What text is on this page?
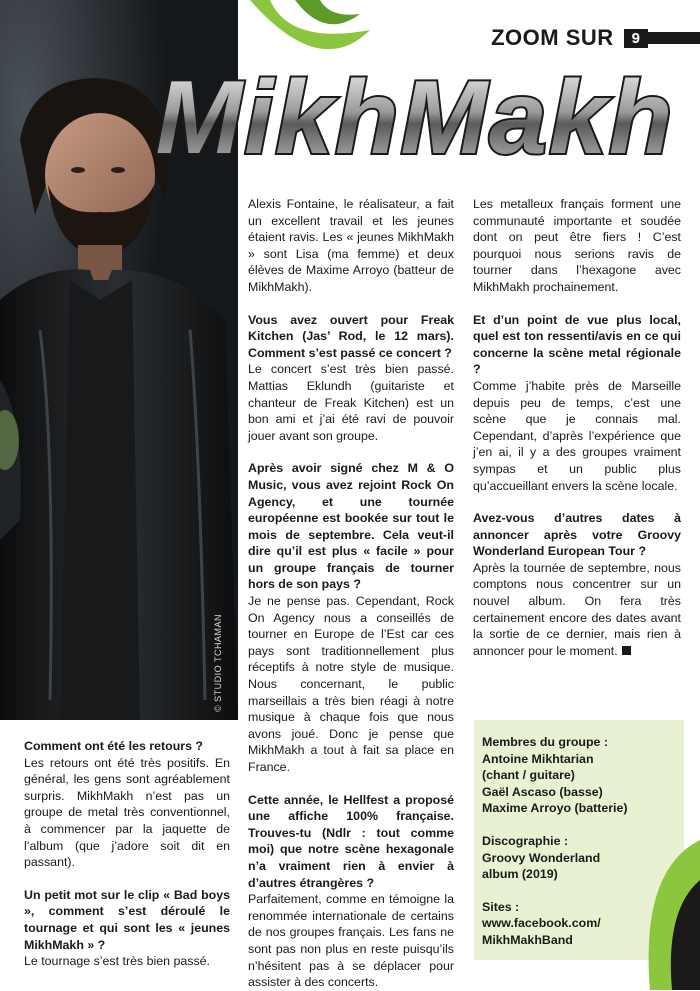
© STUDIO TCHAMAN
ZOOM SUR	9
MikhMakh

Comment ont été les retours ?

Les retours ont été très positifs. En général, les gens sont agréablement surpris. MikhMakh n’est pas un groupe de metal très conventionnel, à commencer par la jaquette de l’album (que j’adore soit dit en passant).

Un petit mot sur le clip « Bad boys », comment s’est déroulé le tournage et qui sont les « jeunes MikhMakh » ?

Le tournage s’est très bien passé.

Alexis Fontaine, le réalisateur, a fait un excellent travail et les jeunes étaient ravis. Les « jeunes MikhMakh » sont Lisa (ma femme) et deux élèves de Maxime Arroyo (batteur de MikhMakh).

Vous avez ouvert pour Freak Kitchen (Jas’ Rod, le 12 mars). Comment s’est passé ce concert ?

Le concert s’est très bien passé. Mattias Eklundh (guitariste et chanteur de Freak Kitchen) est un bon ami et j’ai été ravi de pouvoir jouer avant son groupe.

Après avoir signé chez M & O Music, vous avez rejoint Rock On Agency, et une tournée européenne est bookée sur tout le mois de septembre. Cela veut-il dire qu’il est plus « facile » pour un groupe français de tourner hors de son pays ?

Je ne pense pas. Cependant, Rock On Agency nous a conseillés de tourner en Europe de l’Est car ces pays sont traditionnellement plus réceptifs à notre style de musique. Nous concernant, le public marseillais a très bien réagi à notre musique à chaque fois que nous avons joué. Donc je pense que MikhMakh a tout à fait sa place en France.

Cette année, le Hellfest a proposé une affiche 100% française. Trouves-tu (Ndlr : tout comme moi) que notre scène hexagonale n’a vraiment rien à envier à d’autres étrangères ?

Parfaitement, comme en témoigne la renommée internationale de certains de nos groupes français. Les fans ne sont pas non plus en reste puisqu’ils n’hésitent pas à se déplacer pour assister à des concerts.

Les metalleux français forment une communauté importante et soudée dont on peut être fiers ! C’est pourquoi nous serions ravis de tourner dans l’hexagone avec MikhMakh prochainement.

Et d’un point de vue plus local, quel est ton ressenti/avis en ce qui concerne la scène metal régionale ?

Comme j’habite près de Marseille depuis peu de temps, c’est une scène que je connais mal. Cependant, d’après l’expérience que j’en ai, il y a des groupes vraiment sympas et un public plus qu’accueillant envers la scène locale.

Avez-vous d’autres dates à annoncer après votre Groovy Wonderland European Tour ?

Après la tournée de septembre, nous comptons nous concentrer sur un nouvel album. On fera très certainement encore des dates avant la sortie de ce dernier, mais rien à annoncer pour le moment.

Membres du groupe :

Antoine Mikhtarian

(chant / guitare)

Gaël Ascaso (basse)

Maxime Arroyo (batterie)

Discographie :

Groovy Wonderland

album (2019)

Sites :

www.facebook.com/

MikhMakhBand
